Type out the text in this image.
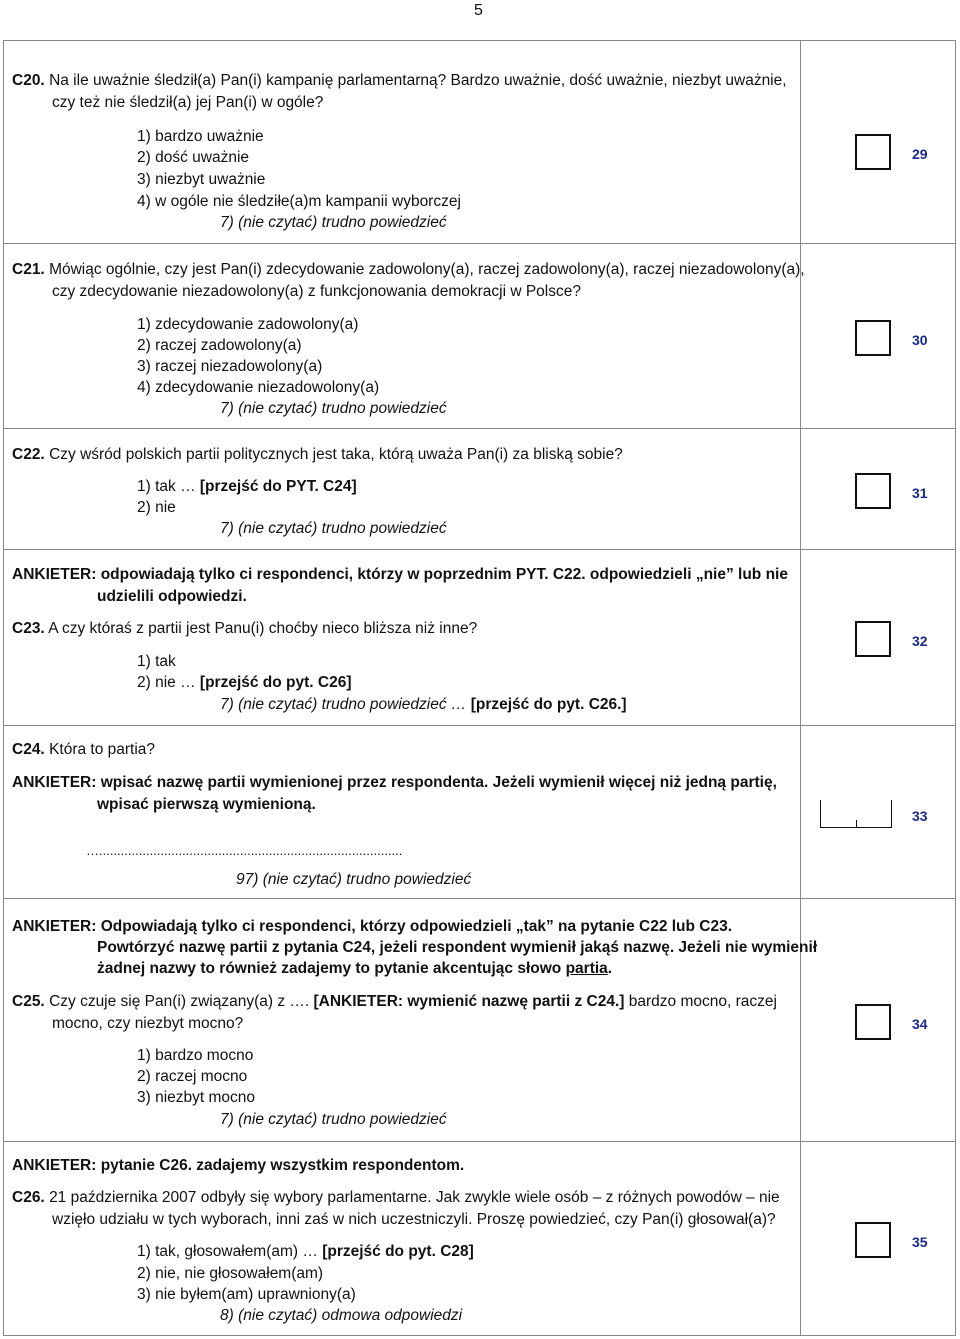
5
C20. Na ile uważnie śledził(a) Pan(i) kampanię parlamentarną? Bardzo uważnie, dość uważnie, niezbyt uważnie,
czy też nie śledził(a) jej Pan(i) w ogóle?
1) bardzo uważnie
2) dość uważnie
3) niezbyt uważnie
4) w ogóle nie śledziłe(a)m kampanii wyborczej
7) (nie czytać) trudno powiedzieć
29
C21. Mówiąc ogólnie, czy jest Pan(i) zdecydowanie zadowolony(a), raczej zadowolony(a), raczej niezadowolony(a),
czy zdecydowanie niezadowolony(a) z funkcjonowania demokracji w Polsce?
1) zdecydowanie zadowolony(a)
2) raczej zadowolony(a)
3) raczej niezadowolony(a)
4) zdecydowanie niezadowolony(a)
7) (nie czytać) trudno powiedzieć
30
C22. Czy wśród polskich partii politycznych jest taka, którą uważa Pan(i) za bliską sobie?
1) tak … [przejść do PYT. C24]
2) nie
7) (nie czytać) trudno powiedzieć
31
ANKIETER: odpowiadają tylko ci respondenci, którzy w poprzednim PYT. C22. odpowiedzieli „nie” lub nie
udzielili odpowiedzi.
C23. A czy któraś z partii jest Panu(i) choćby nieco bliższa niż inne?
1) tak
2) nie … [przejść do pyt. C26]
7) (nie czytać) trudno powiedzieć … [przejść do pyt. C26.]
32
C24. Która to partia?
ANKIETER: wpisać nazwę partii wymienionej przez respondenta. Jeżeli wymienił więcej niż jedną partię,
wpisać pierwszą wymienioną.
…....................................................................................
97) (nie czytać) trudno powiedzieć
33
ANKIETER: Odpowiadają tylko ci respondenci, którzy odpowiedzieli „tak” na pytanie C22 lub C23.
Powtórzyć nazwę partii z pytania C24, jeżeli respondent wymienił jakąś nazwę. Jeżeli nie wymienił
żadnej nazwy to również zadajemy to pytanie akcentując słowo partia.
C25. Czy czuje się Pan(i) związany(a) z …. [ANKIETER: wymienić nazwę partii z C24.] bardzo mocno, raczej
mocno, czy niezbyt mocno?
1) bardzo mocno
2) raczej mocno
3) niezbyt mocno
7) (nie czytać) trudno powiedzieć
34
ANKIETER: pytanie C26. zadajemy wszystkim respondentom.
C26. 21 października 2007 odbyły się wybory parlamentarne. Jak zwykle wiele osób – z różnych powodów – nie
wzięło udziału w tych wyborach, inni zaś w nich uczestniczyli. Proszę powiedzieć, czy Pan(i) głosował(a)?
1) tak, głosowałem(am) … [przejść do pyt. C28]
2) nie, nie głosowałem(am)
3) nie byłem(am) uprawniony(a)
8) (nie czytać) odmowa odpowiedzi
35
